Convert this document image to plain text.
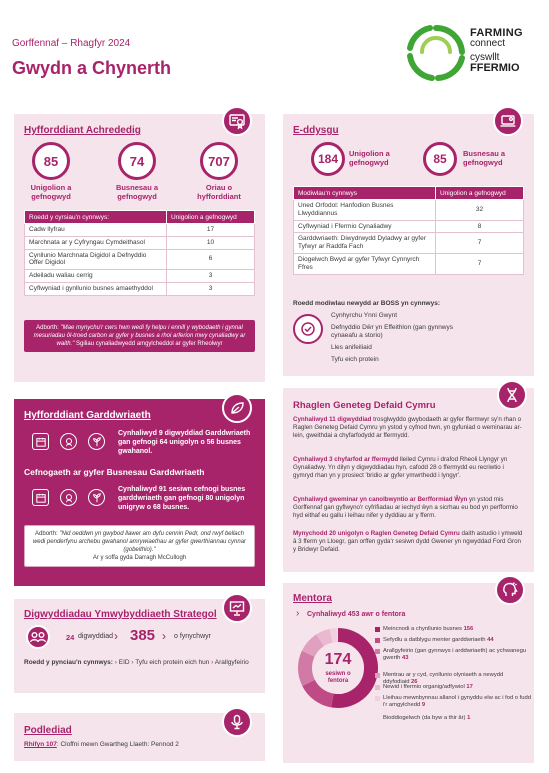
Gorffennaf – Rhagfyr 2024
Gwydn a Chynerth
FARMING
connect
cyswllt
FFERMIO
Hyfforddiant Achrededig
85
Unigolion a gefnogwyd
74
Busnesau a gefnogwyd
707
Oriau o hyfforddiant
Roedd y cyrsiau'n cynnwys:	Unigolion a gefnogwyd
Cadw llyfrau	17
Marchnata ar y Cyfryngau Cymdeithasol	10
Cynllunio Marchnata Digidol a Defnyddio Offer Digidol	6
Adeiladu waliau cerrig	3
Cyflwyniad i gynllunio busnes amaethyddol	3
Adborth: "Mae mynychu'r cwrs hwn wedi fy helpu i ennill y wybodaeth i gynnal mesuriadau ôl-troed carbon ar gyfer y busnes a rhoi arferion mwy cynaliadwy ar waith." Sgiliau cynaliadwyedd amgylcheddol ar gyfer Rheolwyr
E-ddysgu
184 Unigolion a gefnogwyd	85 Busnesau a gefnogwyd
Modiwlau'n cynnwys	Unigolion a gefnogwyd
Uned Orfodol: Hanfodion Busnes Llwyddiannus	32
Cyflwyniad i Ffermio Cynaliadwy	8
Garddwriaeth: Diwydrwydd Dyladwy ar gyfer Tyfwyr ar Raddfa Fach	7
Diogelwch Bwyd ar gyfer Tyfwyr Cynnyrch Ffres	7
Roedd modiwlau newydd ar BOSS yn cynnwys:
Cynhyrchu Ynni Gwynt
Defnyddio Dŵr yn Effeithlon (gan gynnwys cynaeafu a storio)
Lles anifeiliaid
Tyfu eich protein
Hyfforddiant Garddwriaeth
Cynhaliwyd 9 digwyddiad Garddwriaeth gan gefnogi 64 unigolyn o 56 busnes gwahanol.
Cefnogaeth ar gyfer Busnesau Garddwriaeth
Cynhaliwyd 91 sesiwn cefnogi busnes garddwriaeth gan gefnogi 80 unigolyn unigryw o 68 busnes.
Adborth: "Nid oeddwn yn gwybod llawer am dyfu cennin Pedr, ond rwyf bellach wedi penderfynu archebu gwahanol amrywiaethau ar gyfer gwerthiannau cynnar (gobeithio)."
Ar y soffa gyda Darragh McCullogh
Rhaglen Geneteg Defaid Cymru
Cynhaliwyd 11 digwyddiad trosglwyddo gwybodaeth ar gyfer ffermwyr sy'n rhan o Raglen Geneteg Defaid Cymru yn ystod y cyfnod hwn, yn gyfuniad o weminarau ar-lein, gweithdai a chyfarfodydd ar ffermydd.
Cynhaliwyd 3 chyfarfod ar ffermydd lleiled Cymru i drafod Rheoli Llyngyr yn Gynaliadwy. Yn dilyn y digwyddiadau hyn, cafodd 28 o ffermydd eu recriwtio i gymryd rhan yn y prosiect 'bridio ar gyfer ymwrthedd i lyngyr'.
Cynhaliwyd gweminar yn canolbwyntio ar Berfformiad Ŵyn yn ystod mis Gorffennaf gan gyflwyno'r cyfrifiadau ar iechyd ŵyn a sicrhau eu bod yn perfformio hyd eithaf eu gallu i leihau nifer y dyddiau ar y fferm.
Mynychodd 20 unigolyn o Raglen Geneteg Defaid Cymru daith astudio i ymweld â 3 fferm yn Lloegr, gan orffen gyda'r sesiwn dydd Gwener yn ngwyddad Ford Gron y Bridwyr Defaid.
Digwyddiadau Ymwybyddiaeth Strategol
24 digwyddiad › 385 › o fynychwyr
Roedd y pynciau'n cynnwys: › EID › Tyfu eich protein eich hun › Arallgyfeirio
Podlediad
Rhifyn 107: Cloffni mewn Gwartheg Llaeth: Pennod 2
Mentora
Cynhaliwyd 453 awr o fentora
›
174
sesiwn o fentora
Meincnodi a chynllunio busnes 156
Sefydlu a datblygu menter garddwriaeth 44
Arallgyfeirio (gan gynnwys i arddwriaeth) ac ychwanegu gwerth 43
Mentrau ar y cyd, cynllunio olyniaeth a newydd ddyfodiaid 26
Newid i ffermio organig/adfywiol 17
Lleihau mewnbynnau allanol i gynyddu elw ac i fod o fudd i'r amgylchedd 9
Bioddiogelwch (da byw a thir âr) 1
